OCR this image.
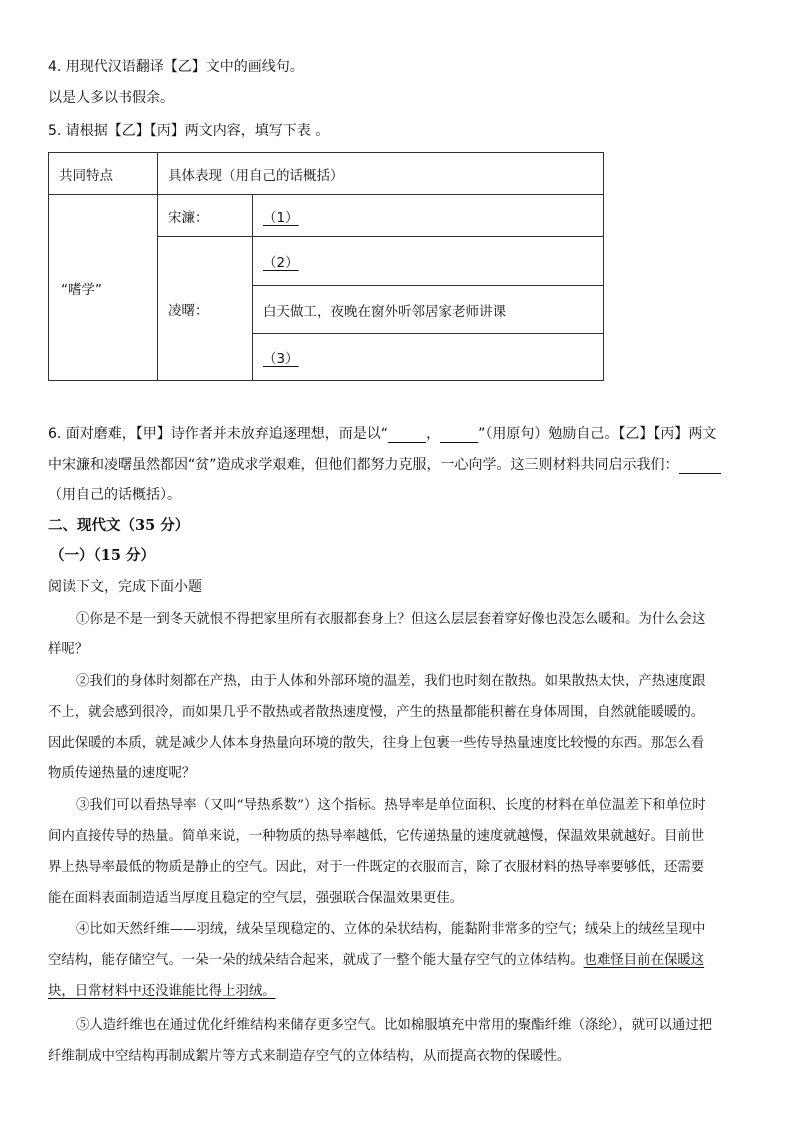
4. 用现代汉语翻译【乙】文中的画线句。
以是人多以书假余。
5. 请根据【乙】【丙】两文内容，填写下表 。
共同特点	具体表现（用自己的话概括）	
“嗜学”	宋濂：	（1）
	凌曙：	（2）
		白天做工，夜晚在窗外听邻居家老师讲课
		（3）
6. 面对磨难，【甲】诗作者并未放弃追逐理想，而是以“	，	”（用原句）勉励自己。【乙】【丙】两文
中宋濂和凌曙虽然都因“贫”造成求学艰难，但他们都努力克服，一心向学。这三则材料共同启示我们：
（用自己的话概括）。
二、现代文（35 分）
（一）（15 分）
阅读下文，完成下面小题
①你是不是一到冬天就恨不得把家里所有衣服都套身上？但这么层层套着穿好像也没怎么暖和。为什么会这
样呢？
②我们的身体时刻都在产热，由于人体和外部环境的温差，我们也时刻在散热。如果散热太快，产热速度跟
不上，就会感到很冷，而如果几乎不散热或者散热速度慢，产生的热量都能积蓄在身体周围，自然就能暖暖的。
因此保暖的本质，就是减少人体本身热量向环境的散失，往身上包裹一些传导热量速度比较慢的东西。那怎么看
物质传递热量的速度呢？
③我们可以看热导率（又叫“导热系数”）这个指标。热导率是单位面积、长度的材料在单位温差下和单位时
间内直接传导的热量。简单来说，一种物质的热导率越低，它传递热量的速度就越慢，保温效果就越好。目前世
界上热导率最低的物质是静止的空气。因此，对于一件既定的衣服而言，除了衣服材料的热导率要够低，还需要
能在面料表面制造适当厚度且稳定的空气层，强强联合保温效果更佳。
④比如天然纤维——羽绒，绒朵呈现稳定的、立体的朵状结构，能黏附非常多的空气；绒朵上的绒丝呈现中
空结构，能存储空气。一朵一朵的绒朵结合起来，就成了一整个能大量存空气的立体结构。也难怪目前在保暖这
块，日常材料中还没谁能比得上羽绒。
⑤人造纤维也在通过优化纤维结构来储存更多空气。比如棉服填充中常用的聚酯纤维（涤纶），就可以通过把
纤维制成中空结构再制成絮片等方式来制造存空气的立体结构，从而提高衣物的保暖性。
